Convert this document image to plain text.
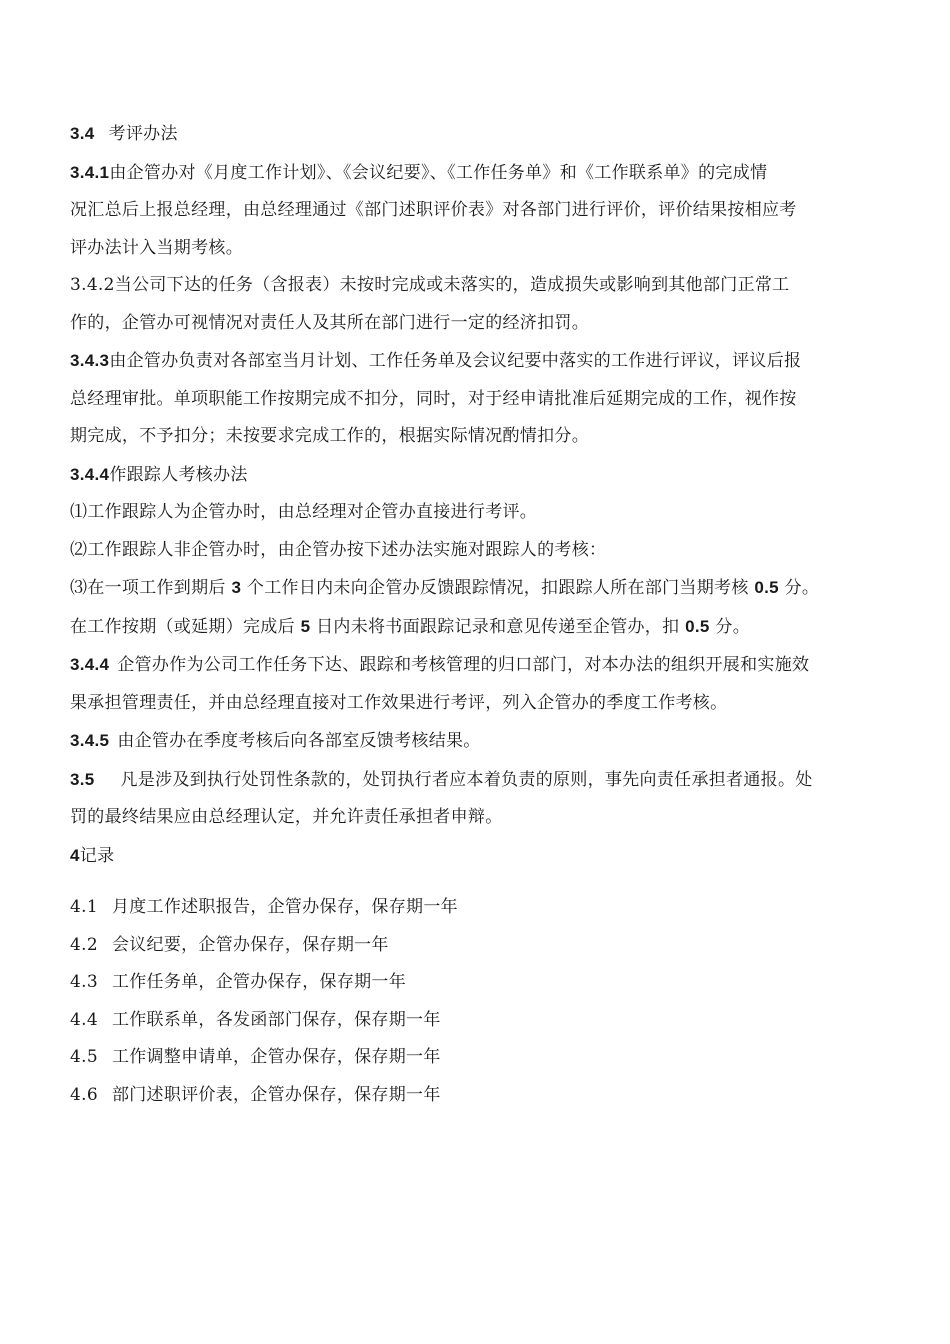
3.4 考评办法
3.4.1由企管办对《月度工作计划》、《会议纪要》、《工作任务单》和《工作联系单》的完成情
况汇总后上报总经理，由总经理通过《部门述职评价表》对各部门进行评价，评价结果按相应考
评办法计入当期考核。
3.4.2当公司下达的任务（含报表）未按时完成或未落实的，造成损失或影响到其他部门正常工
作的，企管办可视情况对责任人及其所在部门进行一定的经济扣罚。
3.4.3由企管办负责对各部室当月计划、工作任务单及会议纪要中落实的工作进行评议，评议后报
总经理审批。单项职能工作按期完成不扣分，同时，对于经申请批准后延期完成的工作，视作按
期完成，不予扣分；未按要求完成工作的，根据实际情况酌情扣分。
3.4.4作跟踪人考核办法
⑴工作跟踪人为企管办时，由总经理对企管办直接进行考评。
⑵工作跟踪人非企管办时，由企管办按下述办法实施对跟踪人的考核：
⑶在一项工作到期后 3 个工作日内未向企管办反馈跟踪情况，扣跟踪人所在部门当期考核 0.5 分。
在工作按期（或延期）完成后 5 日内未将书面跟踪记录和意见传递至企管办，扣 0.5 分。
3.4.4 企管办作为公司工作任务下达、跟踪和考核管理的归口部门，对本办法的组织开展和实施效
果承担管理责任，并由总经理直接对工作效果进行考评，列入企管办的季度工作考核。
3.4.5 由企管办在季度考核后向各部室反馈考核结果。
3.5 凡是涉及到执行处罚性条款的，处罚执行者应本着负责的原则，事先向责任承担者通报。处
罚的最终结果应由总经理认定，并允许责任承担者申辩。
4记录
4.1 月度工作述职报告，企管办保存，保存期一年
4.2 会议纪要，企管办保存，保存期一年
4.3 工作任务单，企管办保存，保存期一年
4.4 工作联系单，各发函部门保存，保存期一年
4.5 工作调整申请单，企管办保存，保存期一年
4.6 部门述职评价表，企管办保存，保存期一年
